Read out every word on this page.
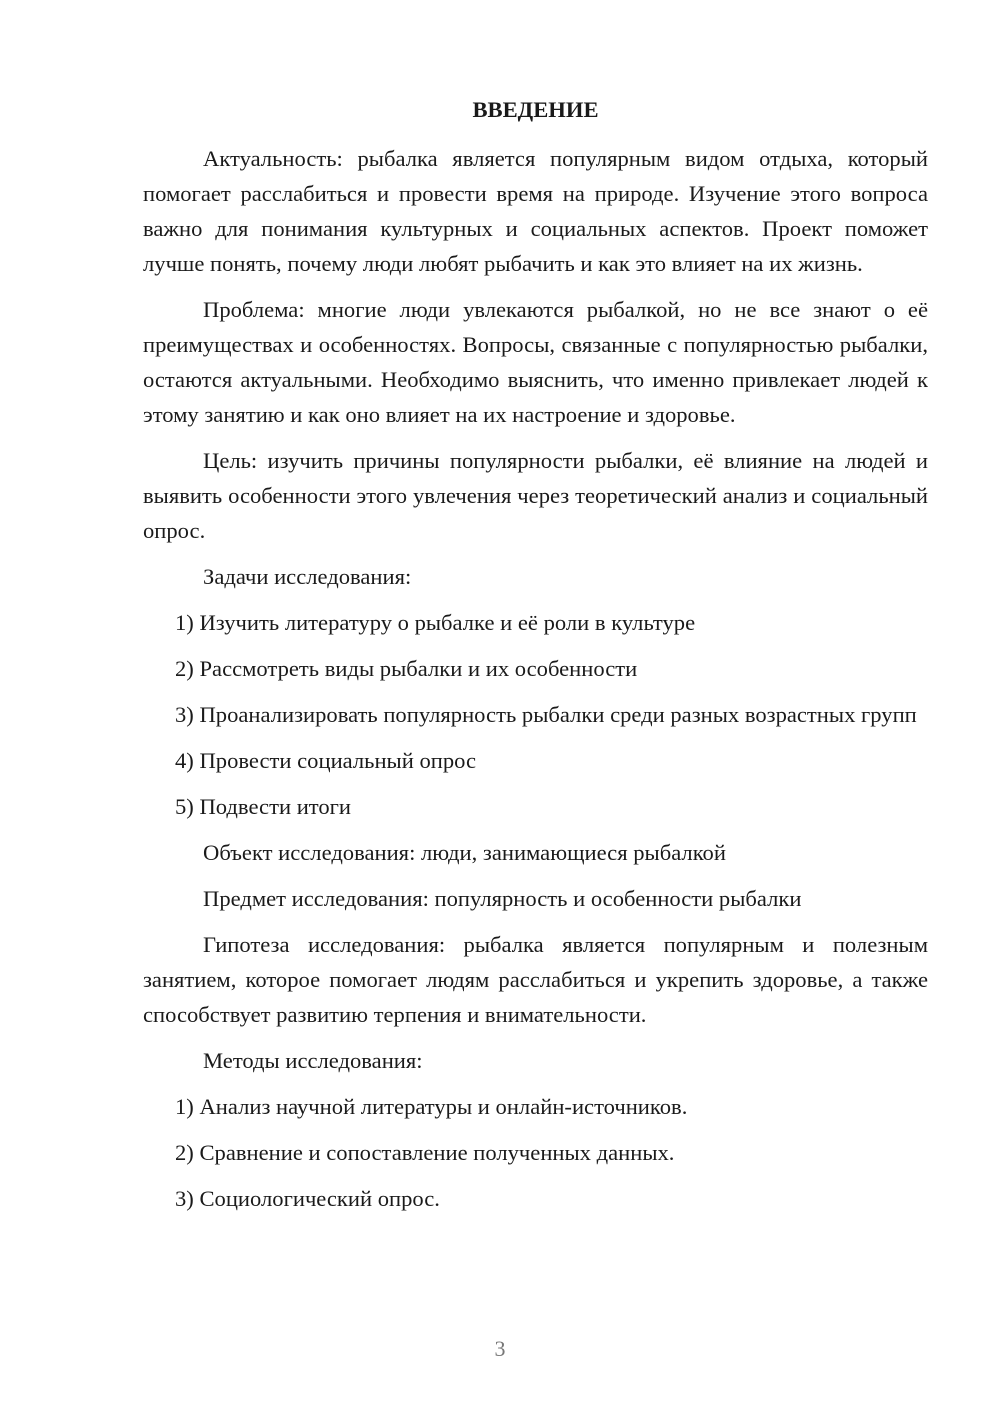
ВВЕДЕНИЕ

Актуальность: рыбалка является популярным видом отдыха, который помогает расслабиться и провести время на природе. Изучение этого вопроса важно для понимания культурных и социальных аспектов. Проект поможет лучше понять, почему люди любят рыбачить и как это влияет на их жизнь.

Проблема: многие люди увлекаются рыбалкой, но не все знают о её преимуществах и особенностях. Вопросы, связанные с популярностью рыбалки, остаются актуальными. Необходимо выяснить, что именно привлекает людей к этому занятию и как оно влияет на их настроение и здоровье.

Цель: изучить причины популярности рыбалки, её влияние на людей и выявить особенности этого увлечения через теоретический анализ и социальный опрос.

Задачи исследования:

1) Изучить литературу о рыбалке и её роли в культуре

2) Рассмотреть виды рыбалки и их особенности

3) Проанализировать популярность рыбалки среди разных возрастных групп

4) Провести социальный опрос

5) Подвести итоги

Объект исследования: люди, занимающиеся рыбалкой

Предмет исследования: популярность и особенности рыбалки

Гипотеза исследования: рыбалка является популярным и полезным занятием, которое помогает людям расслабиться и укрепить здоровье, а также способствует развитию терпения и внимательности.

Методы исследования:

1) Анализ научной литературы и онлайн-источников.

2) Сравнение и сопоставление полученных данных.

3) Социологический опрос.

3
